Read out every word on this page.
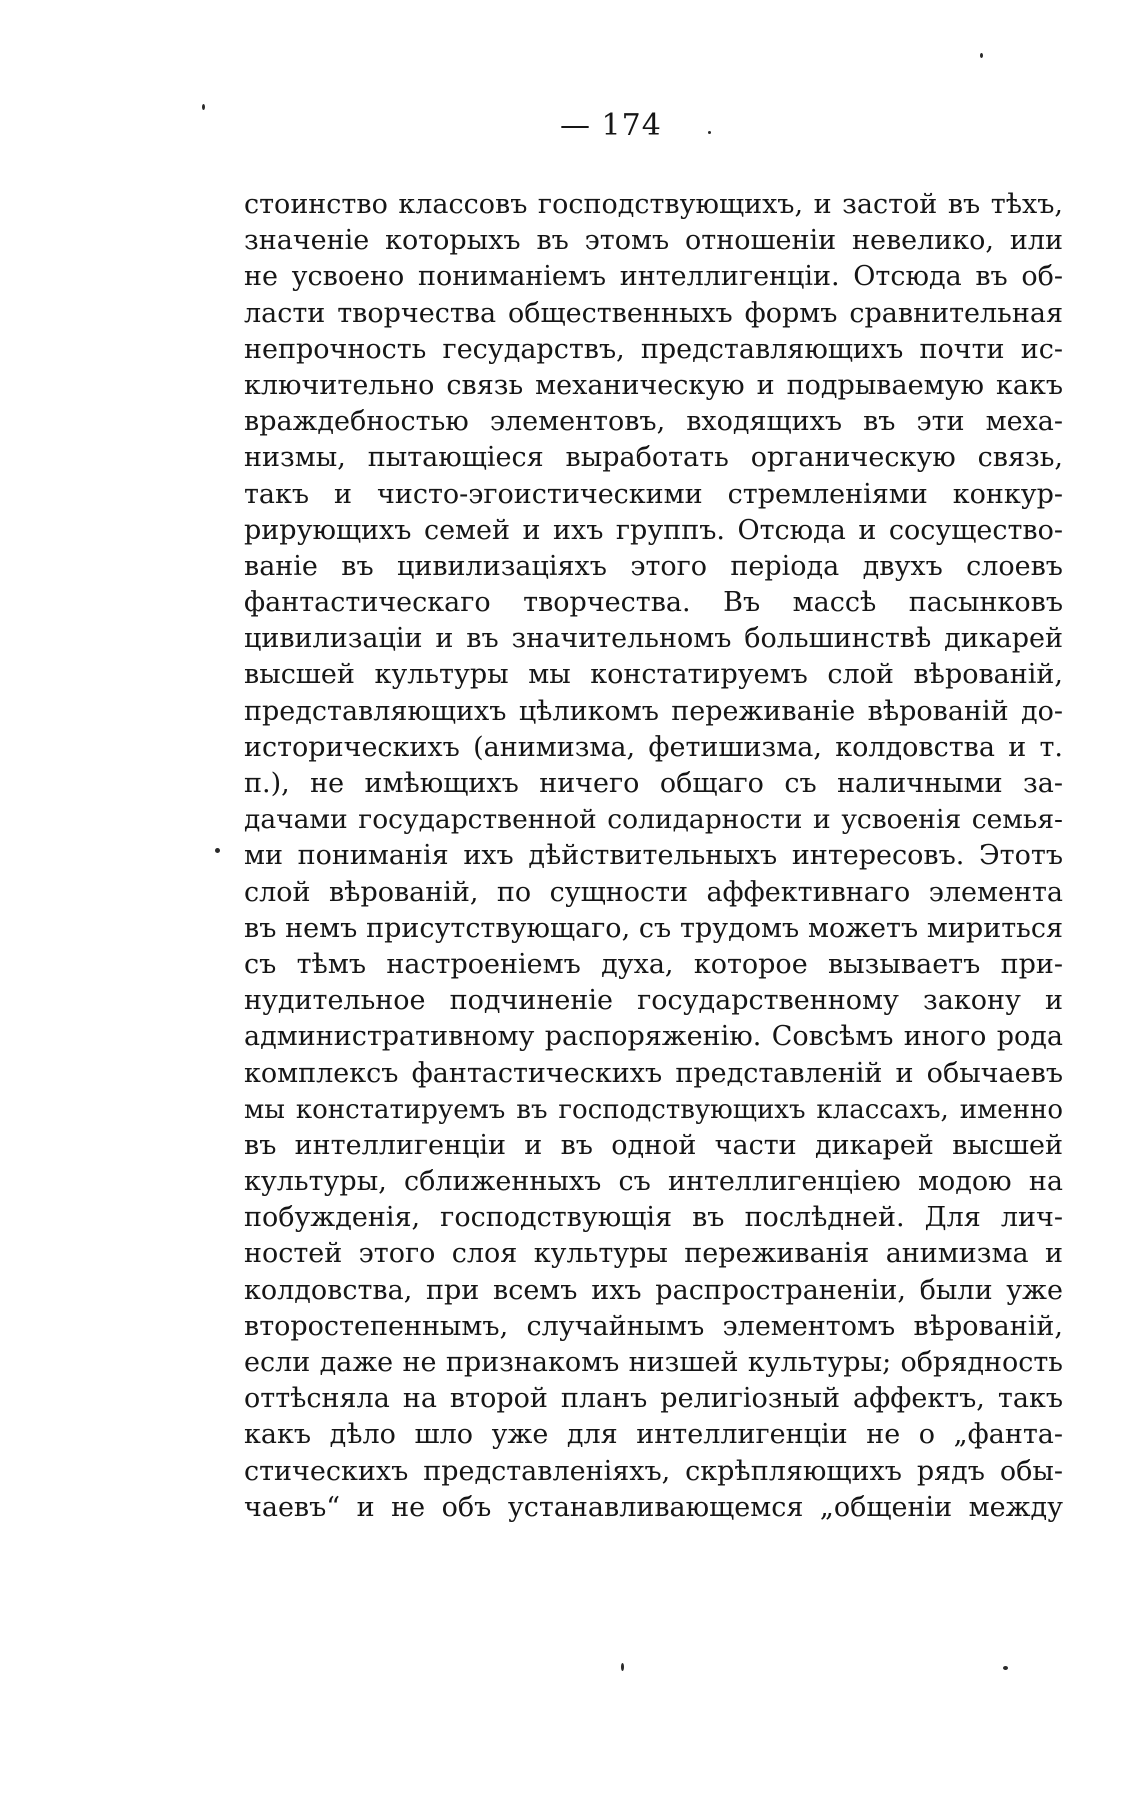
— 174
стоинство классовъ господствующихъ, и застой въ тѣхъ,
значеніе которыхъ въ этомъ отношеніи невелико, или
не усвоено пониманіемъ интеллигенціи. Отсюда въ об-
ласти творчества общественныхъ формъ сравнительная
непрочность гесударствъ, представляющихъ почти ис-
ключительно связь механическую и подрываемую какъ
враждебностью элементовъ, входящихъ въ эти меха-
низмы, пытающіеся выработать органическую связь,
такъ и чисто-эгоистическими стремленіями конкур-
рирующихъ семей и ихъ группъ. Отсюда и сосущество-
ваніе въ цивилизаціяхъ этого періода двухъ слоевъ
фантастическаго творчества. Въ массѣ пасынковъ
цивилизаціи и въ значительномъ большинствѣ дикарей
высшей культуры мы констатируемъ слой вѣрованій,
представляющихъ цѣликомъ переживаніе вѣрованій до-
историческихъ (анимизма, фетишизма, колдовства и т.
п.), не имѣющихъ ничего общаго съ наличными за-
дачами государственной солидарности и усвоенія семья-
ми пониманія ихъ дѣйствительныхъ интересовъ. Этотъ
слой вѣрованій, по сущности аффективнаго элемента
въ немъ присутствующаго, съ трудомъ можетъ мириться
съ тѣмъ настроеніемъ духа, которое вызываетъ при-
нудительное подчиненіе государственному закону и
административному распоряженію. Совсѣмъ иного рода
комплексъ фантастическихъ представленій и обычаевъ
мы констатируемъ въ господствующихъ классахъ, именно
въ интеллигенціи и въ одной части дикарей высшей
культуры, сближенныхъ съ интеллигенціею модою на
побужденія, господствующія въ послѣдней. Для лич-
ностей этого слоя культуры переживанія анимизма и
колдовства, при всемъ ихъ распространеніи, были уже
второстепеннымъ, случайнымъ элементомъ вѣрованій,
если даже не признакомъ низшей культуры; обрядность
оттѣсняла на второй планъ религіозный аффектъ, такъ
какъ дѣло шло уже для интеллигенціи не о „фанта-
стическихъ представленіяхъ, скрѣпляющихъ рядъ обы-
чаевъ“ и не объ устанавливающемся „общеніи между
